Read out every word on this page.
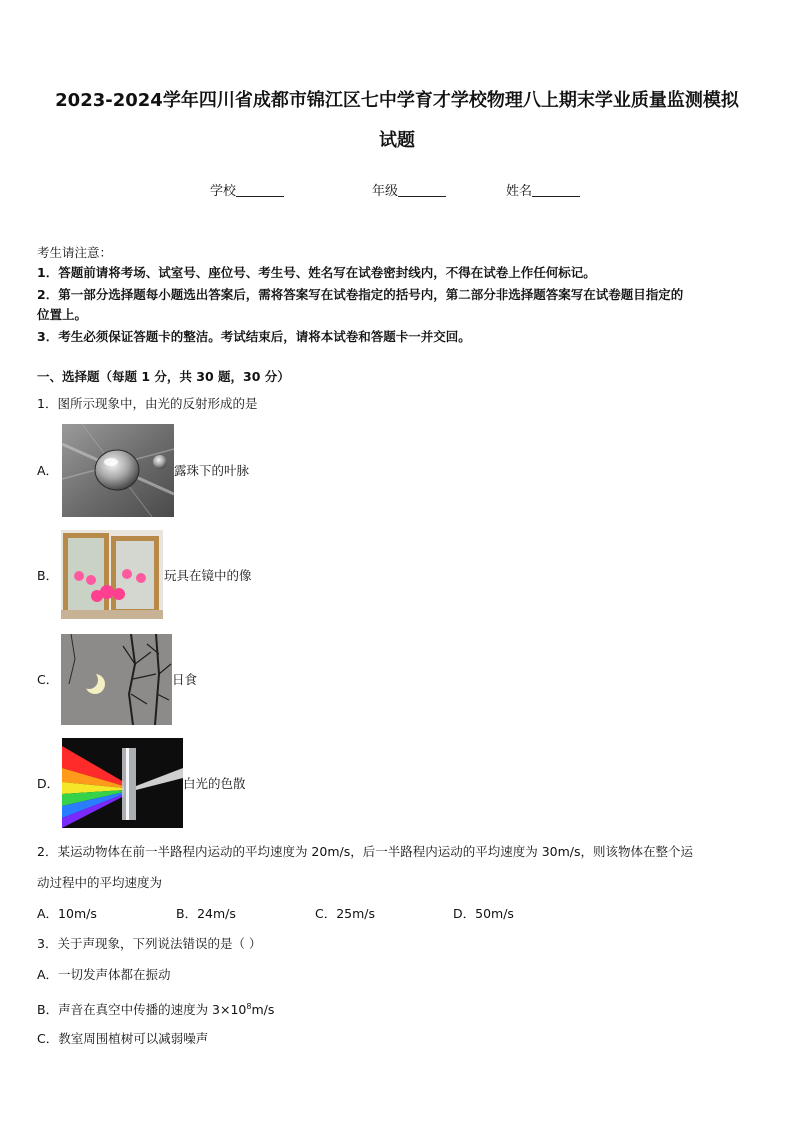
2023-2024学年四川省成都市锦江区七中学育才学校物理八上期末学业质量监测模拟
试题
学校	年级	姓名
考生请注意：
1．答题前请将考场、试室号、座位号、考生号、姓名写在试卷密封线内，不得在试卷上作任何标记。
2．第一部分选择题每小题选出答案后，需将答案写在试卷指定的括号内，第二部分非选择题答案写在试卷题目指定的
位置上。
3．考生必须保证答题卡的整洁。考试结束后，请将本试卷和答题卡一并交回。
一、选择题（每题 1 分，共 30 题，30 分）
1．图所示现象中，由光的反射形成的是
A．	露珠下的叶脉
B．	玩具在镜中的像
C．	日食
D．	白光的色散
2．某运动物体在前一半路程内运动的平均速度为 20m/s，后一半路程内运动的平均速度为 30m/s，则该物体在整个运
动过程中的平均速度为
A．10m/s	B．24m/s	C．25m/s	D．50m/s
3．关于声现象，下列说法错误的是（ ）
A．一切发声体都在振动
B．声音在真空中传播的速度为 $3\times 10^8m/s$
C．教室周围植树可以减弱噪声
